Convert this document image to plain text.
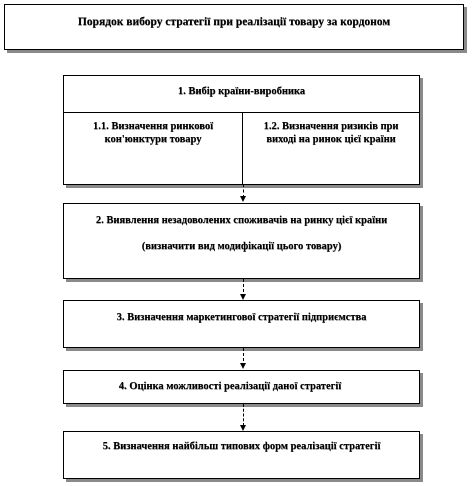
Порядок вибору стратегії при реалізації товару за кордоном
1. Вибір країни-виробника
1.1. Визначення ринкової кон'юнктури товару
1.2. Визначення ризиків при виході на ринок цієї країни
2. Виявлення незадоволених споживачів на ринку цієї країни
(визначити вид модифікації цього товару)
3. Визначення маркетингової стратегії підприємства
4. Оцінка можливості реалізації даної стратегії
5. Визначення найбільш типових форм реалізації стратегії
